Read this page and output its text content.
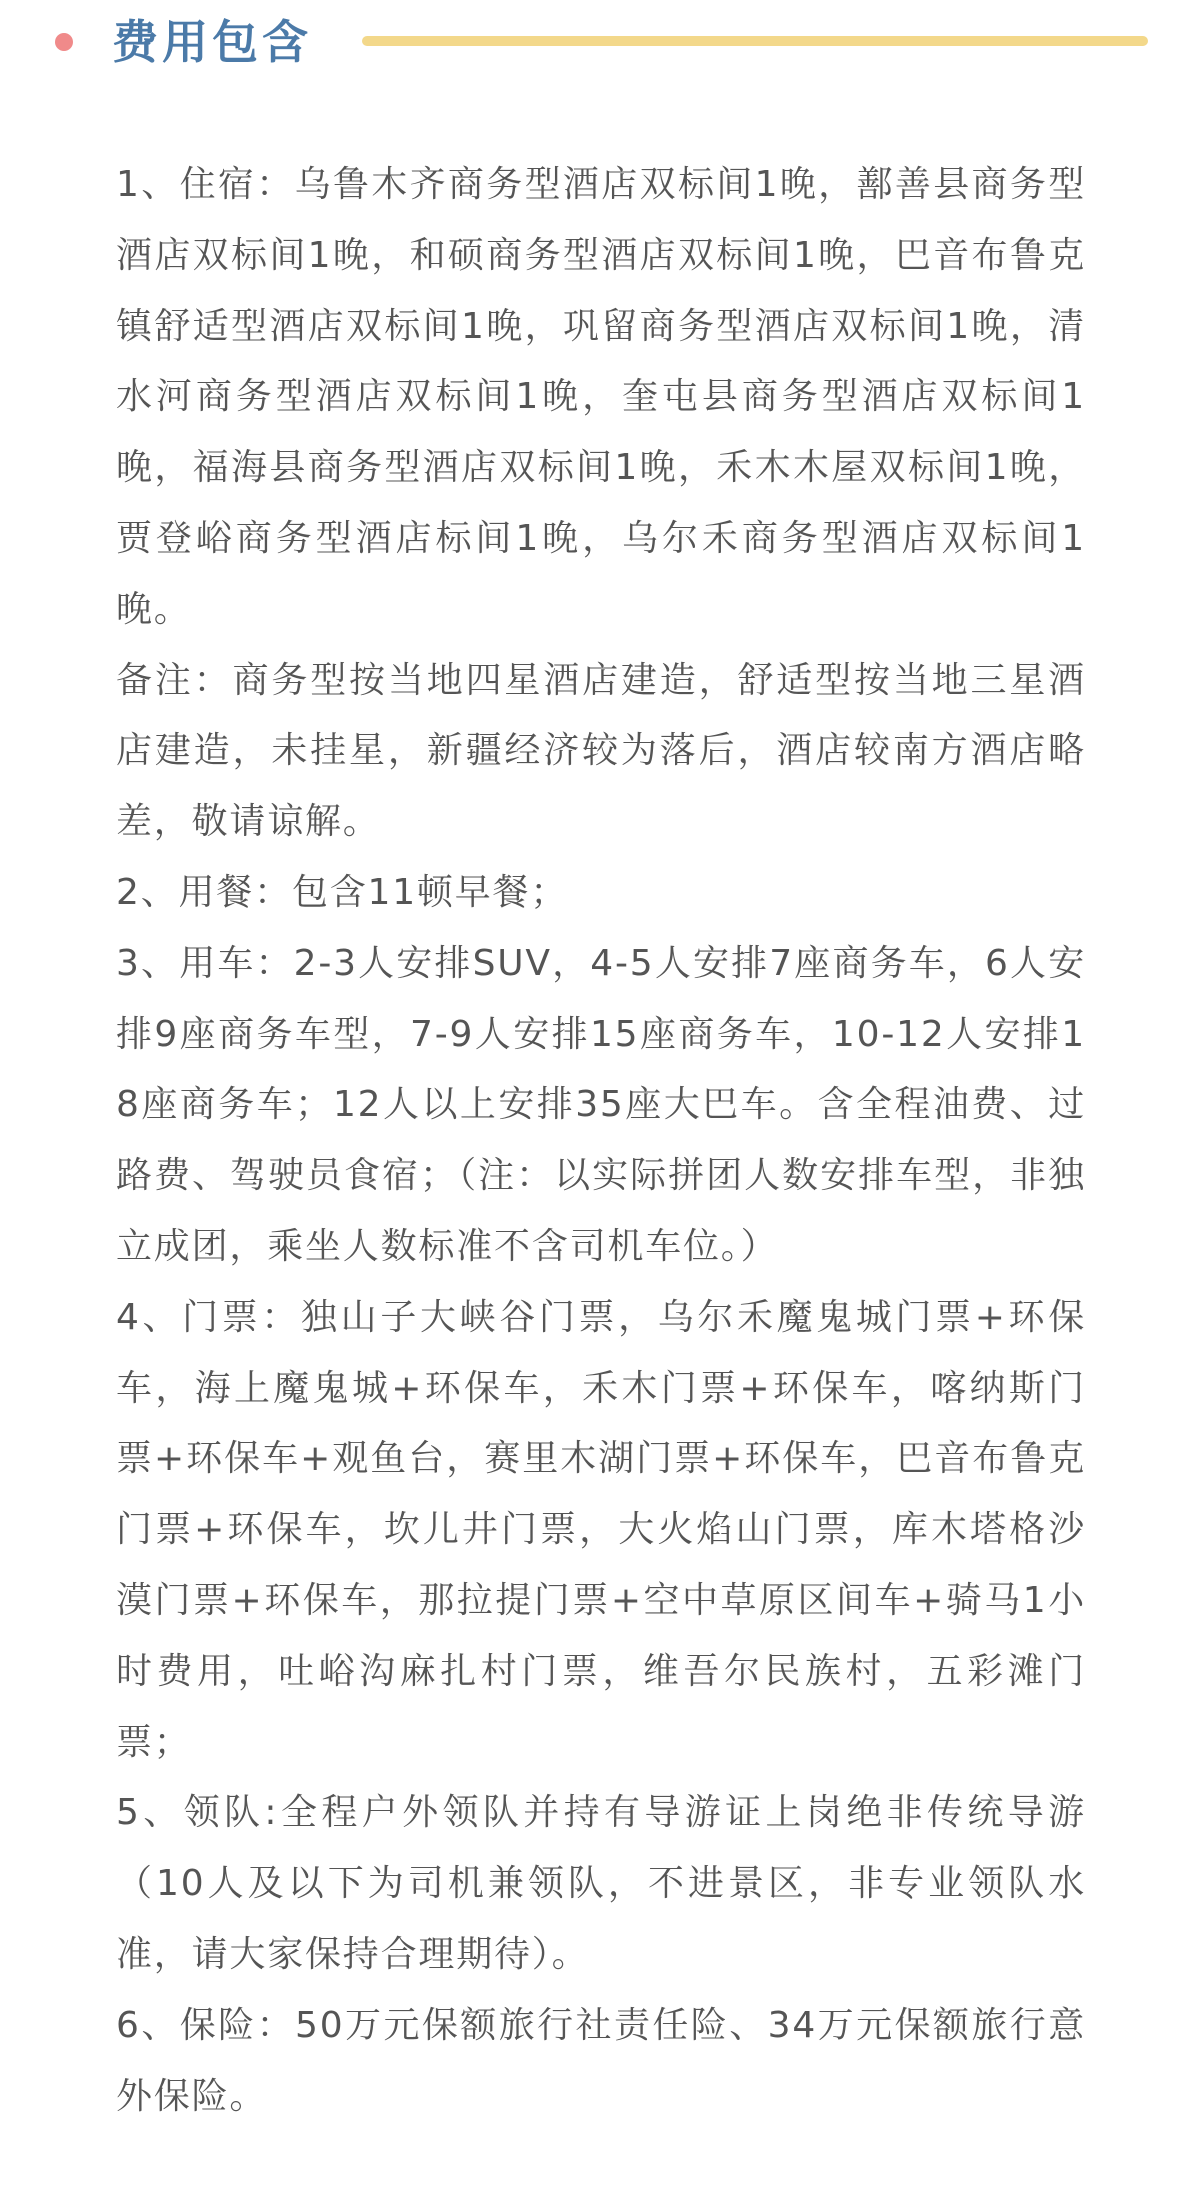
费用包含

1、住宿：乌鲁木齐商务型酒店双标间1晚，鄯善县商务型酒店双标间1晚，和硕商务型酒店双标间1晚，巴音布鲁克镇舒适型酒店双标间1晚，巩留商务型酒店双标间1晚，清水河商务型酒店双标间1晚，奎屯县商务型酒店双标间1晚，福海县商务型酒店双标间1晚，禾木木屋双标间1晚，贾登峪商务型酒店标间1晚，乌尔禾商务型酒店双标间1晚。

备注：商务型按当地四星酒店建造，舒适型按当地三星酒店建造，未挂星，新疆经济较为落后，酒店较南方酒店略差，敬请谅解。

2、用餐：包含11顿早餐；

3、用车：2-3人安排SUV，4-5人安排7座商务车，6人安排9座商务车型，7-9人安排15座商务车，10-12人安排18座商务车；12人以上安排35座大巴车。含全程油费、过路费、驾驶员食宿；（注：以实际拼团人数安排车型，非独立成团，乘坐人数标准不含司机车位。）

4、门票：独山子大峡谷门票，乌尔禾魔鬼城门票+环保车，海上魔鬼城+环保车，禾木门票+环保车，喀纳斯门票+环保车+观鱼台，赛里木湖门票+环保车，巴音布鲁克门票+环保车，坎儿井门票，大火焰山门票，库木塔格沙漠门票+环保车，那拉提门票+空中草原区间车+骑马1小时费用，吐峪沟麻扎村门票，维吾尔民族村，五彩滩门票；

5、领队:全程户外领队并持有导游证上岗绝非传统导游（10人及以下为司机兼领队，不进景区，非专业领队水准，请大家保持合理期待）。

6、保险：50万元保额旅行社责任险、34万元保额旅行意外保险。
